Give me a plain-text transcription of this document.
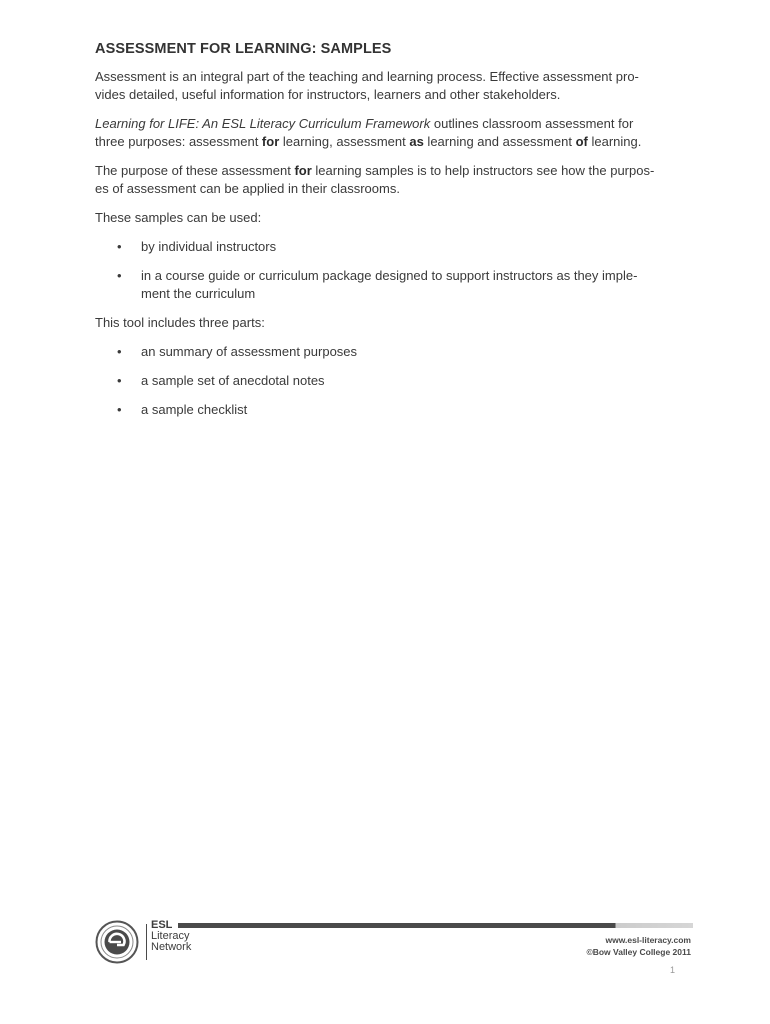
ASSESSMENT FOR LEARNING: SAMPLES

Assessment is an integral part of the teaching and learning process. Effective assessment pro-
vides detailed, useful information for instructors, learners and other stakeholders.

Learning for LIFE: An ESL Literacy Curriculum Framework outlines classroom assessment for
three purposes: assessment for learning, assessment as learning and assessment of learning.

The purpose of these assessment for learning samples is to help instructors see how the purpos-
es of assessment can be applied in their classrooms.

These samples can be used:

• by individual instructors
• in a course guide or curriculum package designed to support instructors as they imple-
ment the curriculum

This tool includes three parts:

• an summary of assessment purposes
• a sample set of anecdotal notes
• a sample checklist
ESL
Literacy
Network
www.esl-literacy.com
©Bow Valley College 2011
1
